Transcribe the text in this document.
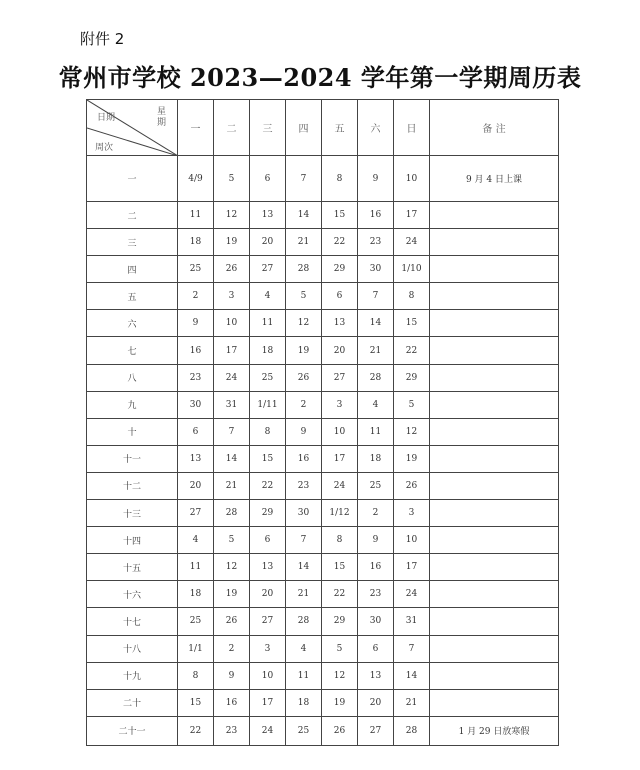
附件 2
常州市学校 2023—2024 学年第一学期周历表
日期 星期
周次	一	二	三	四	五	六	日	备 注
一	4/9	5	6	7	8	9	10	9 月 4 日上课
二	11	12	13	14	15	16	17	
三	18	19	20	21	22	23	24	
四	25	26	27	28	29	30	1/10	
五	2	3	4	5	6	7	8	
六	9	10	11	12	13	14	15	
七	16	17	18	19	20	21	22	
八	23	24	25	26	27	28	29	
九	30	31	1/11	2	3	4	5	
十	6	7	8	9	10	11	12	
十一	13	14	15	16	17	18	19	
十二	20	21	22	23	24	25	26	
十三	27	28	29	30	1/12	2	3	
十四	4	5	6	7	8	9	10	
十五	11	12	13	14	15	16	17	
十六	18	19	20	21	22	23	24	
十七	25	26	27	28	29	30	31	
十八	1/1	2	3	4	5	6	7	
十九	8	9	10	11	12	13	14	
二十	15	16	17	18	19	20	21	
二十一	22	23	24	25	26	27	28	1 月 29 日放寒假
